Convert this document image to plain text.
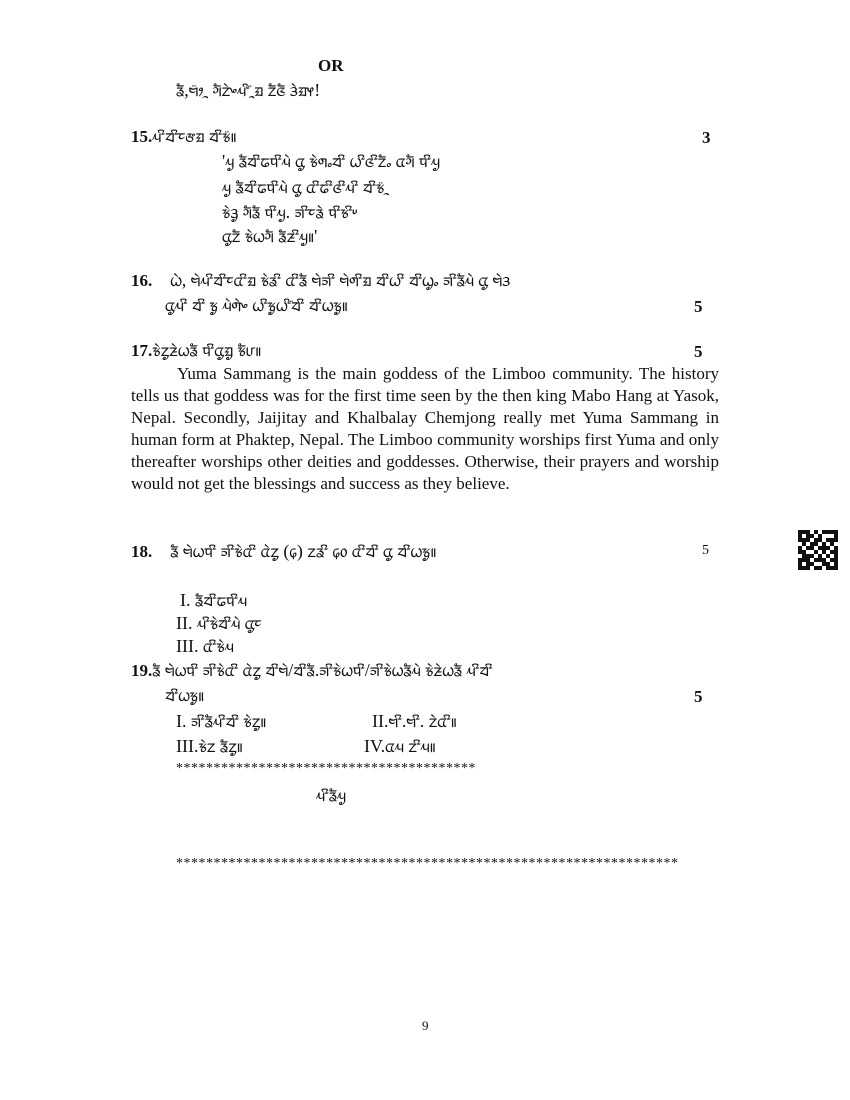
OR
ᤕᤠ,ᤗᤣ᤺ᤳ ᤆᤠᤁᤧᤴᤘᤡ᤺ᤳᤀ ᤁᤠᤜᤠ ᤋᤧᤀᤶ!
15.ᤘᤡᤔᤡᤰᤅᤀ ᤔᤡᤃ᤺॥	3
'ᤘᤢ ᤕᤠᤔᤡᤒᤄᤡᤘᤧ ᤂᤢ ᤃᤧᤛᤱᤔᤡ ᤐᤡᤜᤡᤁᤠᤱ ᤂᤆᤠ ᤄᤡᤘᤢ
ᤘᤢ ᤕᤠᤔᤡᤒᤄᤡᤘᤧ ᤂᤢ ᤂᤡᤒᤡᤜᤡᤘᤡ ᤔᤡᤃ᤺ᤳ
ᤃᤧᤋᤢ ᤆᤠᤕᤠ ᤄᤡᤘᤢ. ᤈᤡᤰᤕᤧ ᤄᤡᤃᤡᤸ
ᤂᤢᤁᤠ ᤃᤧᤐᤆᤠ ᤕᤠᤏᤡᤘᤢ॥'
16. ᤐᤧ, ᤗᤧᤘᤡᤔᤡᤰᤂᤡᤀ ᤃᤧᤕᤡ ᤂᤡᤕᤠ ᤗᤧᤈᤡ ᤗᤧᤛᤡᤀ ᤔᤡᤐᤡ ᤔᤡᤐᤢᤱ ᤈᤡᤕᤠᤘᤧ ᤂᤢ ᤗᤧᤋ
ᤂᤢᤘᤡ ᤔᤡ ᤃᤢ ᤘᤧᤛᤧᤴ ᤐᤡᤃᤢᤐᤡ᤺ᤔᤡ ᤔᤡᤐᤃᤢ॥	5
17.ᤃᤧᤁᤢᤏᤧᤐᤕᤠ ᤄᤡᤂᤢᤀᤢ ᤃᤠᤙ॥	5
Yuma Sammang is the main goddess of the Limboo community. The history tells us that goddess was for the first time seen by the then king Mabo Hang at Yasok, Nepal. Secondly, Jaijitay and Khalbalay Chemjong really met Yuma Sammang in human form at Phaktep, Nepal. The Limboo community worships first Yuma and only thereafter worships other deities and goddesses. Otherwise, their prayers and worship would not get the blessings and success as they believe.
18. ᤕᤠ ᤗᤧᤐᤄᤡ ᤈᤡᤃᤧᤂᤡ ᤂᤧᤁᤢ (᥌) ᤁᤕᤡ ᥌᥆ ᤂᤡᤔᤡ ᤂᤢ ᤔᤡᤐᤃᤢ॥	5
I. ᤕᤠᤔᤡᤒᤄᤡᤘ
II. ᤘᤡᤃᤧᤔᤡᤘᤧ ᤂᤢᤰ
III. ᤂᤡᤃᤧᤘ
19.ᤕᤠ ᤗᤧᤐᤄᤡ ᤈᤡᤃᤧᤂᤡ ᤂᤧᤁᤢ ᤔᤡᤗᤧ/ᤔᤡᤕᤠ.ᤈᤡᤃᤧᤐᤄᤡ/ᤈᤡᤃᤧᤐᤕᤠᤘᤧ ᤃᤧᤏᤧᤐᤕᤠ ᤘᤡᤔᤡ
ᤔᤡᤐᤃᤢ॥	5
I. ᤈᤡᤕᤠᤘᤡᤔᤡ ᤃᤧᤁᤢ॥	II.ᤗᤡ.ᤗᤡ. ᤁᤧᤂᤡ॥
III.ᤃᤧᤁ ᤕᤠᤁᤢ॥	IV.ᤂᤘ ᤁᤡᤘ॥
****************************************
ᤘᤡᤕᤠᤘᤢ
*******************************************************************
9
